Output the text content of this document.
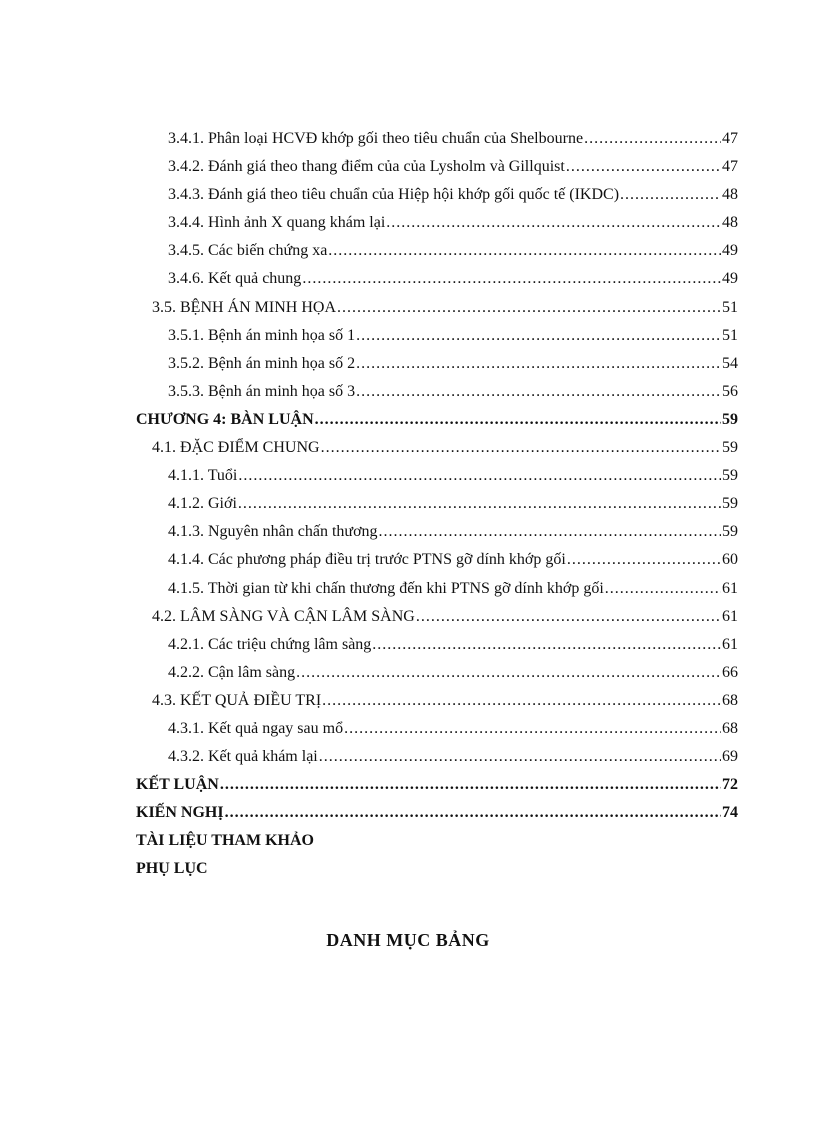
3.4.1. Phân loại HCVĐ khớp gối theo tiêu chuẩn của Shelbourne .....	47
3.4.2. Đánh giá theo thang điểm của của Lysholm và Gillquist .....	47
3.4.3. Đánh giá theo tiêu chuẩn của Hiệp hội khớp gối quốc tế (IKDC) .....	48
3.4.4. Hình ảnh X quang khám lại .....	48
3.4.5. Các biến chứng xa .....	49
3.4.6. Kết quả chung .....	49
3.5. BỆNH ÁN MINH HỌA .....	51
3.5.1. Bệnh án minh họa số 1 .....	51
3.5.2. Bệnh án minh họa số 2 .....	54
3.5.3. Bệnh án minh họa số 3 .....	56
CHƯƠNG 4: BÀN LUẬN .....	59
4.1. ĐẶC ĐIỂM CHUNG .....	59
4.1.1. Tuổi .....	59
4.1.2. Giới .....	59
4.1.3. Nguyên nhân chấn thương .....	59
4.1.4. Các phương pháp điều trị trước PTNS gỡ dính khớp gối .....	60
4.1.5. Thời gian từ khi chấn thương đến khi PTNS gỡ dính khớp gối .....	61
4.2. LÂM SÀNG VÀ CẬN LÂM SÀNG .....	61
4.2.1. Các triệu chứng lâm sàng .....	61
4.2.2. Cận lâm sàng .....	66
4.3. KẾT QUẢ ĐIỀU TRỊ .....	68
4.3.1. Kết quả ngay sau mổ .....	68
4.3.2. Kết quả khám lại .....	69
KẾT LUẬN .....	72
KIẾN NGHỊ .....	74
TÀI LIỆU THAM KHẢO
PHỤ LỤC
DANH MỤC BẢNG
